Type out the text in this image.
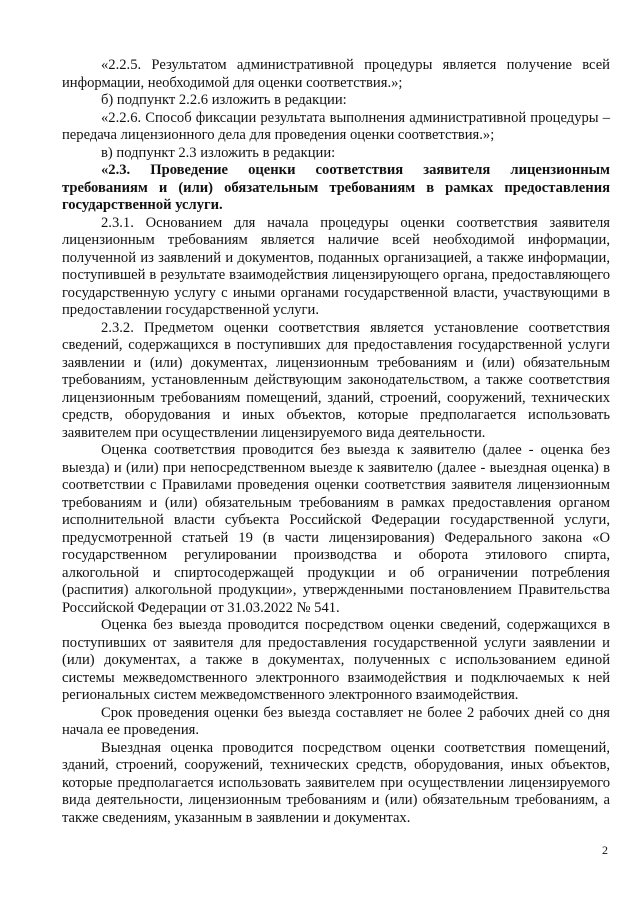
«2.2.5. Результатом административной процедуры является получение всей информации, необходимой для оценки соответствия.»;

б) подпункт 2.2.6 изложить в редакции:

«2.2.6. Способ фиксации результата выполнения административной процедуры – передача лицензионного дела для проведения оценки соответствия.»;

в) подпункт 2.3 изложить в редакции:

«2.3. Проведение оценки соответствия заявителя лицензионным требованиям и (или) обязательным требованиям в рамках предоставления государственной услуги.

2.3.1. Основанием для начала процедуры оценки соответствия заявителя лицензионным требованиям является наличие всей необходимой информации, полученной из заявлений и документов, поданных организацией, а также информации, поступившей в результате взаимодействия лицензирующего органа, предоставляющего государственную услугу с иными органами государственной власти, участвующими в предоставлении государственной услуги.

2.3.2. Предметом оценки соответствия является установление соответствия сведений, содержащихся в поступивших для предоставления государственной услуги заявлении и (или) документах, лицензионным требованиям и (или) обязательным требованиям, установленным действующим законодательством, а также соответствия лицензионным требованиям помещений, зданий, строений, сооружений, технических средств, оборудования и иных объектов, которые предполагается использовать заявителем при осуществлении лицензируемого вида деятельности.

Оценка соответствия проводится без выезда к заявителю (далее - оценка без выезда) и (или) при непосредственном выезде к заявителю (далее - выездная оценка) в соответствии с Правилами проведения оценки соответствия заявителя лицензионным требованиям и (или) обязательным требованиям в рамках предоставления органом исполнительной власти субъекта Российской Федерации государственной услуги, предусмотренной статьей 19 (в части лицензирования) Федерального закона «О государственном регулировании производства и оборота этилового спирта, алкогольной и спиртосодержащей продукции и об ограничении потребления (распития) алкогольной продукции», утвержденными постановлением Правительства Российской Федерации от 31.03.2022 № 541.

Оценка без выезда проводится посредством оценки сведений, содержащихся в поступивших от заявителя для предоставления государственной услуги заявлении и (или) документах, а также в документах, полученных с использованием единой системы межведомственного электронного взаимодействия и подключаемых к ней региональных систем межведомственного электронного взаимодействия.

Срок проведения оценки без выезда составляет не более 2 рабочих дней со дня начала ее проведения.

Выездная оценка проводится посредством оценки соответствия помещений, зданий, строений, сооружений, технических средств, оборудования, иных объектов, которые предполагается использовать заявителем при осуществлении лицензируемого вида деятельности, лицензионным требованиям и (или) обязательным требованиям, а также сведениям, указанным в заявлении и документах.

2
